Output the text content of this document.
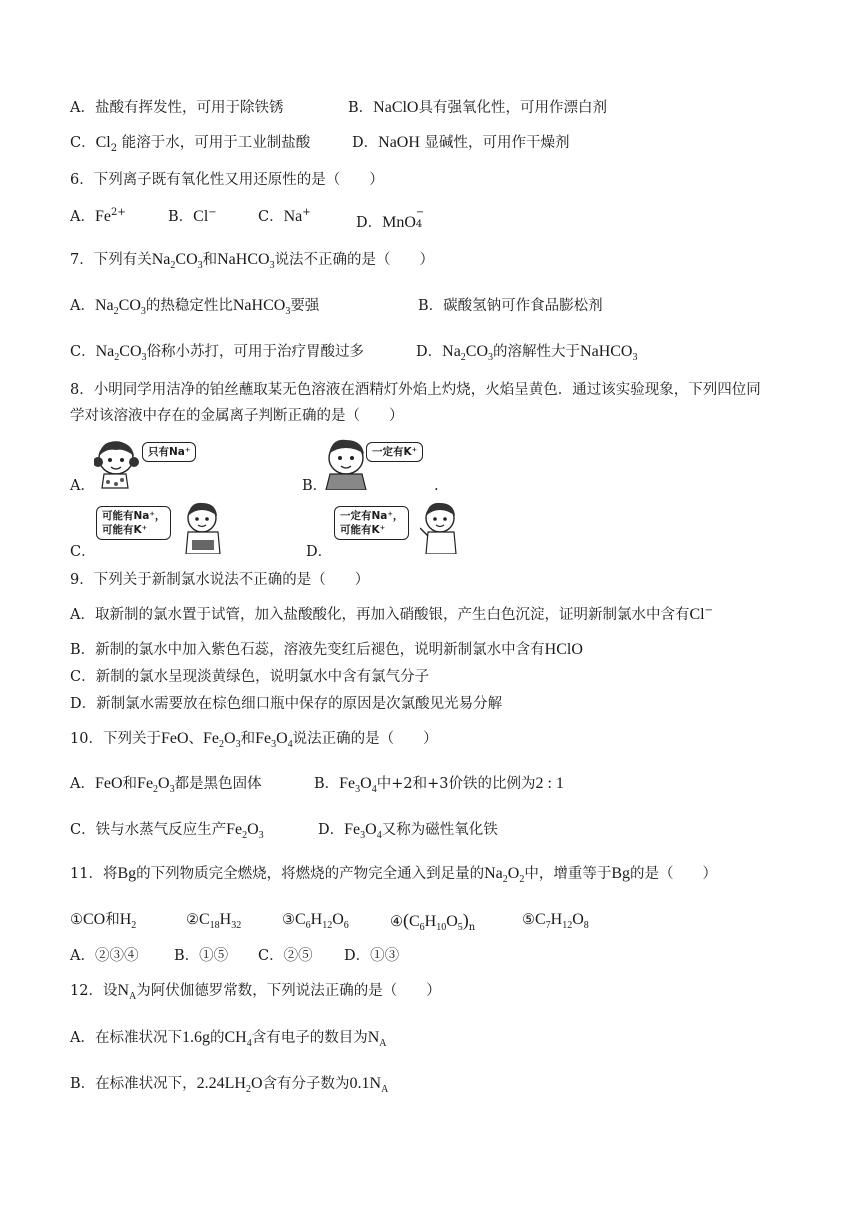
A．盐酸有挥发性，可用于除铁锈	B．NaClO具有强氧化性，可用作漂白剂
C．$Cl_2$ 能溶于水，可用于工业制盐酸	D．NaOH 显碱性，可用作干燥剂
6．下列离子既有氧化性又用还原性的是（　　）
A．$Fe^{2+}$	B．Cl−	C．Na+
D．MnO
−
4
7．下列有关$Na_2CO_3$和NaHCO$_3$说法不正确的是（　　）
A．$Na_2CO_3$的热稳定性比NaHCO$_3$要强	B．碳酸氢钠可作食品膨松剂
C．$Na_2CO_3$俗称小苏打，可用于治疗胃酸过多	D．$Na_2CO_3$的溶解性大于NaHCO$_3$
8．小明同学用洁净的铂丝蘸取某无色溶液在酒精灯外焰上灼烧，火焰呈黄色．通过该实验现象，下列四位同
学对该溶液中存在的金属离子判断正确的是（　　）
A．
只有Na⁺
B．
一定有K⁺
.
C．
可能有Na⁺，
可能有K⁺
D．
一定有Na⁺，
可能有K⁺
9．下列关于新制氯水说法不正确的是（　　）
A．取新制的氯水置于试管，加入盐酸酸化，再加入硝酸银，产生白色沉淀，证明新制氯水中含有Cl−
B．新制的氯水中加入紫色石蕊，溶液先变红后褪色，说明新制氯水中含有HClO
C．新制的氯水呈现淡黄绿色，说明氯水中含有氯气分子
D．新制氯水需要放在棕色细口瓶中保存的原因是次氯酸见光易分解
10．下列关于FeO、$Fe_2O_3$和$Fe_3O_4$说法正确的是（　　）
A．FeO和$Fe_2O_3$都是黑色固体	B．$Fe_3O_4$中+2和+3价铁的比例为2 : 1
C．铁与水蒸气反应生产$Fe_2O_3$	D．$Fe_3O_4$又称为磁性氧化铁
11．将Bg的下列物质完全燃烧，将燃烧的产物完全通入到足量的$Na_2O_2$中，增重等于Bg的是（　　）
①CO和$H_2$	$②C_{18}H_{32}$	$③C_6H_{12}O_6$	$④(C_6H_{10}O_5)_n$	$⑤C_7H_{12}O_8$
A．②③④ B．①⑤ C．②⑤ D．①③
12．设$N_A$为阿伏伽德罗常数，下列说法正确的是（　　）
A．在标准状况下1.6g的$CH_4$含有电子的数目为$N_A$
B．在标准状况下，$2.24LH_2O$含有分子数为$0.1N_A$
